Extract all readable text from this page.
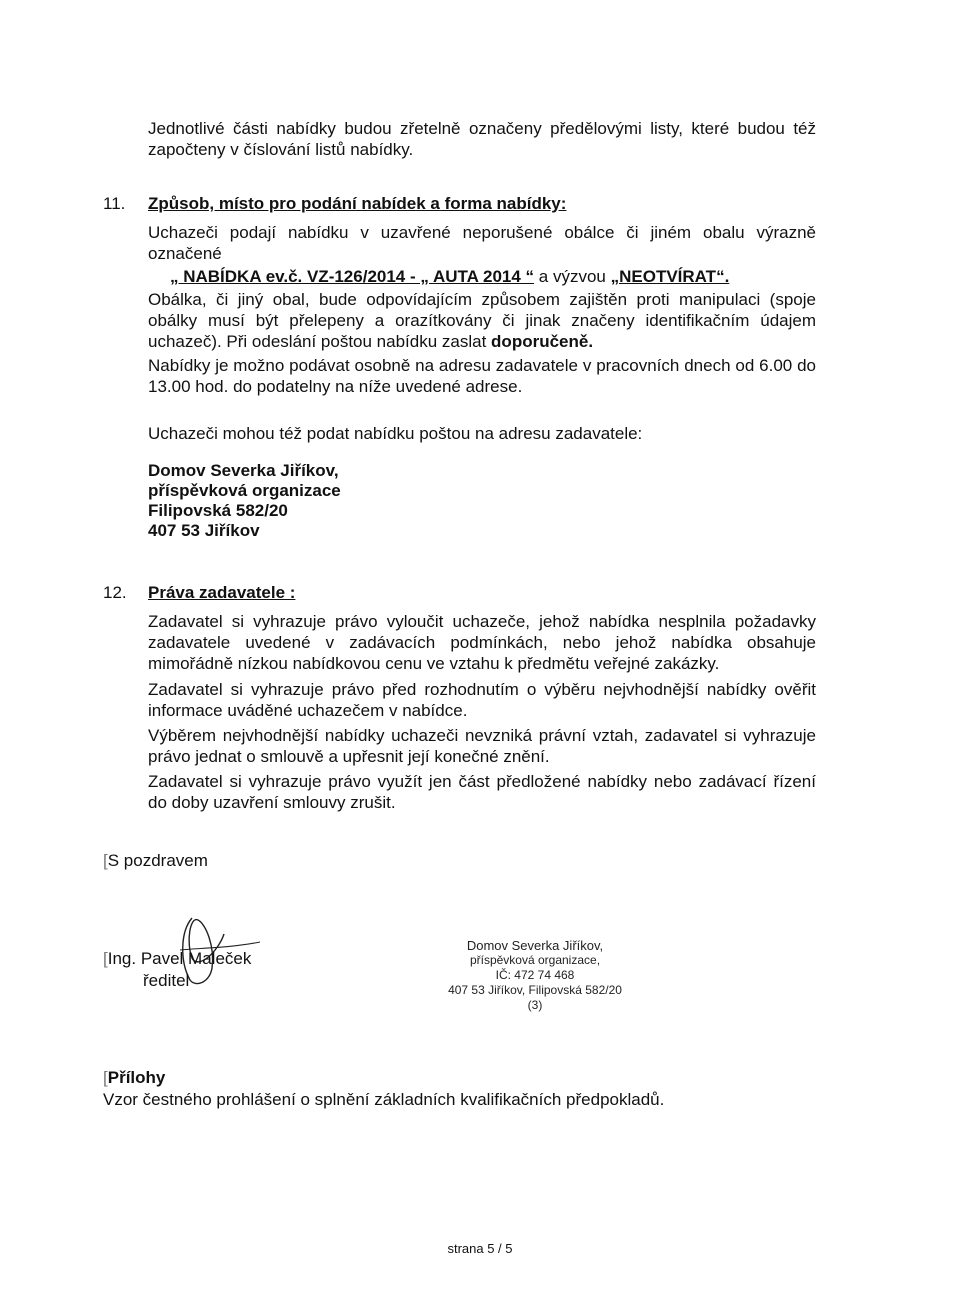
Jednotlivé části nabídky budou zřetelně označeny předělovými listy, které budou též započteny v číslování listů nabídky.

11. Způsob, místo pro podání nabídek a forma nabídky:

Uchazeči podají nabídku v uzavřené neporušené obálce či jiném obalu výrazně označené

„ NABÍDKA ev.č. VZ-126/2014 - „ AUTA 2014 “ a výzvou „NEOTVÍRAT“.

Obálka, či jiný obal, bude odpovídajícím způsobem zajištěn proti manipulaci (spoje obálky musí být přelepeny a orazítkovány či jinak značeny identifikačním údajem uchazeč). Při odeslání poštou nabídku zaslat doporučeně.

Nabídky je možno podávat osobně na adresu zadavatele v pracovních dnech od 6.00 do 13.00 hod. do podatelny na níže uvedené adrese.

Uchazeči mohou též podat nabídku poštou na adresu zadavatele:

Domov Severka Jiříkov,
příspěvková organizace
Filipovská 582/20
407 53 Jiříkov
12. Práva zadavatele :

Zadavatel si vyhrazuje právo vyloučit uchazeče, jehož nabídka nesplnila požadavky zadavatele uvedené v zadávacích podmínkách, nebo jehož nabídka obsahuje mimořádně nízkou nabídkovou cenu ve vztahu k předmětu veřejné zakázky.

Zadavatel si vyhrazuje právo před rozhodnutím o výběru nejvhodnější nabídky ověřit informace uváděné uchazečem v nabídce.

Výběrem nejvhodnější nabídky uchazeči nevzniká právní vztah, zadavatel si vyhrazuje právo jednat o smlouvě a upřesnit její konečné znění.

Zadavatel si vyhrazuje právo využít jen část předložené nabídky nebo zadávací řízení do doby uzavření smlouvy zrušit.

[S pozdravem

[Ing. Pavel Maleček

ředitel

Domov Severka Jiříkov,
příspěvková organizace,
IČ: 472 74 468
407 53 Jiříkov, Filipovská 582/20
(3)

[Přílohy

Vzor čestného prohlášení o splnění základních kvalifikačních předpokladů.

strana 5 / 5
